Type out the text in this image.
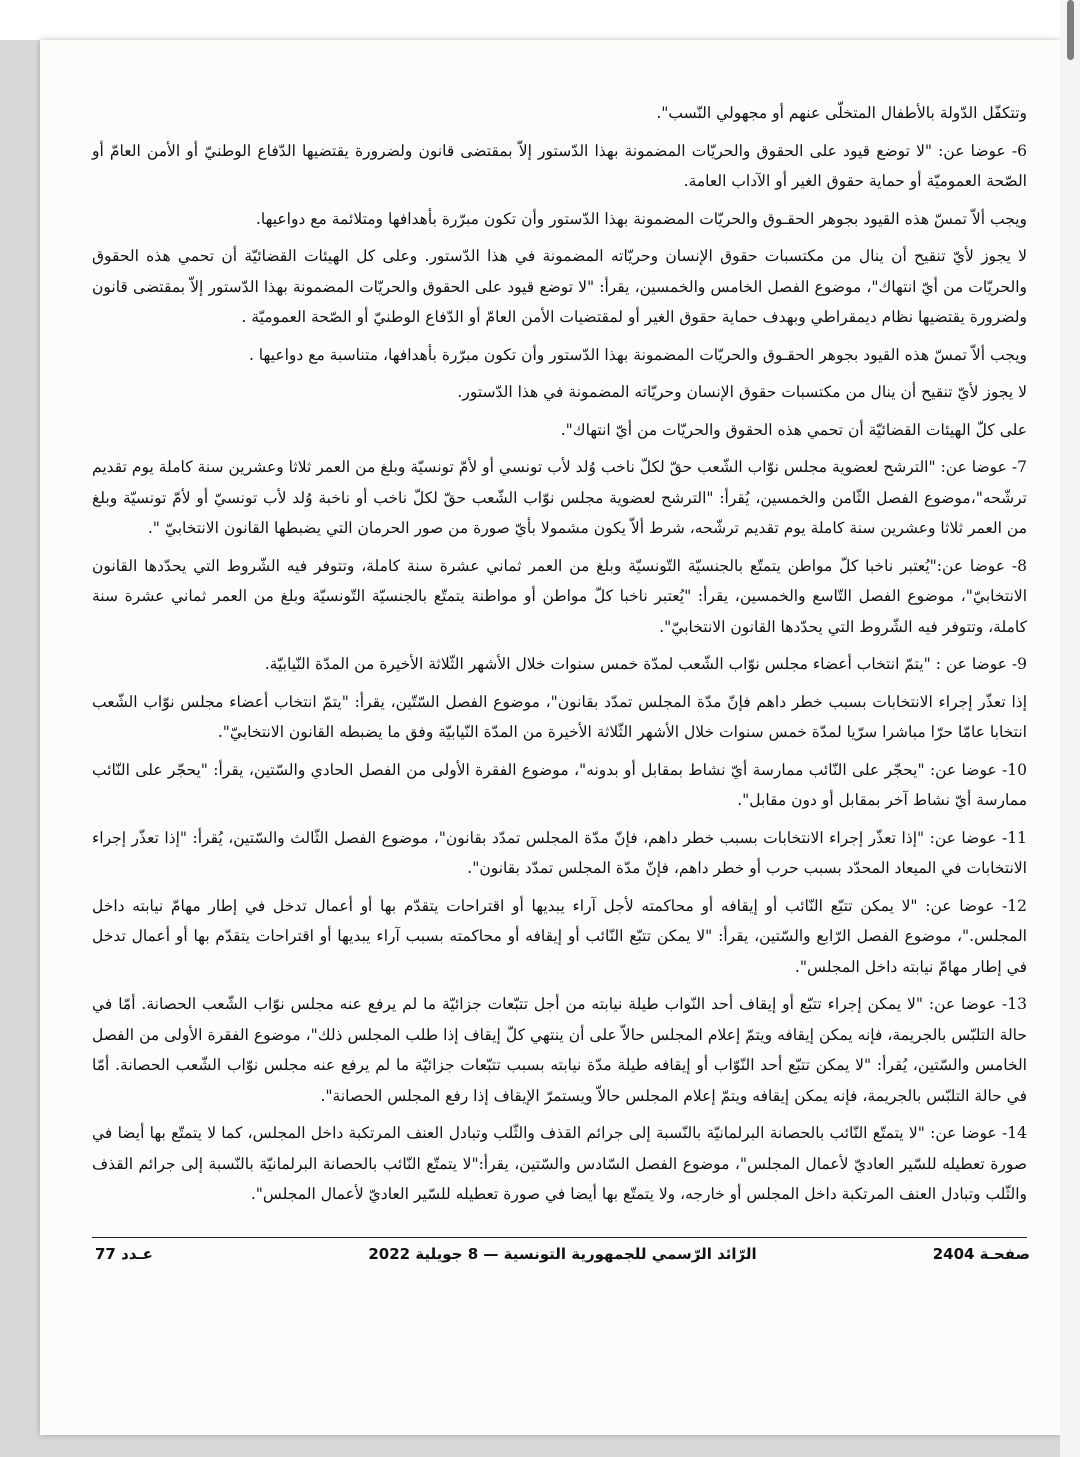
وتتكفّل الدّولة بالأطفال المتخلّى عنهم أو مجهولي النّسب".

6- عوضا عن: "لا توضع قيود على الحقوق والحريّات المضمونة بهذا الدّستور إلاّ بمقتضى قانون ولضرورة يقتضيها الدّفاع الوطنيّ أو الأمن العامّ أو الصّحة العموميّة أو حماية حقوق الغير أو الآداب العامة.

ويجب ألاّ تمسّ هذه القيود بجوهر الحقـوق والحريّات المضمونة بهذا الدّستور وأن تكون مبرّرة بأهدافها ومتلائمة مع دواعيها.

لا يجوز لأيّ تنقيح أن ينال من مكتسبات حقوق الإنسان وحريّاته المضمونة في هذا الدّستور. وعلى كل الهيئات القضائيّة أن تحمي هذه الحقوق والحريّات من أيّ انتهاك"، موضوع الفصل الخامس والخمسين، يقرأ: "لا توضع قيود على الحقوق والحريّات المضمونة بهذا الدّستور إلاّ بمقتضى قانون ولضرورة يقتضيها نظام ديمقراطي وبهدف حماية حقوق الغير أو لمقتضيات الأمن العامّ أو الدّفاع الوطنيّ أو الصّحة العموميّة .

ويجب ألاّ تمسّ هذه القيود بجوهر الحقـوق والحريّات المضمونة بهذا الدّستور وأن تكون مبرّرة بأهدافها، متناسبة مع دواعيها .

لا يجوز لأيّ تنقيح أن ينال من مكتسبات حقوق الإنسان وحريّاته المضمونة في هذا الدّستور.

على كلّ الهيئات القضائيّة أن تحمي هذه الحقوق والحريّات من أيّ انتهاك".

7- عوضا عن: "الترشح لعضوية مجلس نوّاب الشّعب حقّ لكلّ ناخب وُلد لأب تونسي أو لأمّ تونسيّة وبلغ من العمر ثلاثا وعشرين سنة كاملة يوم تقديم ترشّحه"،موضوع الفصل الثّامن والخمسين، يُقرأ: "الترشح لعضوية مجلس نوّاب الشّعب حقّ لكلّ ناخب أو ناخبة وُلد لأب تونسيّ أو لأمّ تونسيّة وبلغ من العمر ثلاثا وعشرين سنة كاملة يوم تقديم ترشّحه، شرط ألاّ يكون مشمولا بأيّ صورة من صور الحرمان التي يضبطها القانون الانتخابيّ ".

8- عوضا عن:"يُعتبر ناخبا كلّ مواطن يتمتّع بالجنسيّة التّونسيّة وبلغ من العمر ثماني عشرة سنة كاملة، وتتوفر فيه الشّروط التي يحدّدها القانون الانتخابيّ"، موضوع الفصل التّاسع والخمسين، يقرأ: "يُعتبر ناخبا كلّ مواطن أو مواطنة يتمتّع بالجنسيّة التّونسيّة وبلغ من العمر ثماني عشرة سنة كاملة، وتتوفر فيه الشّروط التي يحدّدها القانون الانتخابيّ".

9- عوضا عن : "يتمّ انتخاب أعضاء مجلس نوّاب الشّعب لمدّة خمس سنوات خلال الأشهر الثّلاثة الأخيرة من المدّة النّيابيّة.

إذا تعذّر إجراء الانتخابات بسبب خطر داهم فإنّ مدّة المجلس تمدّد بقانون"، موضوع الفصل السّتّين، يقرأ: "يتمّ انتخاب أعضاء مجلس نوّاب الشّعب انتخابا عامّا حرّا مباشرا سرّيا لمدّة خمس سنوات خلال الأشهر الثّلاثة الأخيرة من المدّة النّيابيّة وفق ما يضبطه القانون الانتخابيّ".

10- عوضا عن: "يحجّر على النّائب ممارسة أيّ نشاط بمقابل أو بدونه"، موضوع الفقرة الأولى من الفصل الحادي والسّتين، يقرأ: "يحجّر على النّائب ممارسة أيّ نشاط آخر بمقابل أو دون مقابل".

11- عوضا عن: "إذا تعذّر إجراء الانتخابات بسبب خطر داهم، فإنّ مدّة المجلس تمدّد بقانون"، موضوع الفصل الثّالث والسّتين، يُقرأ: "إذا تعذّر إجراء الانتخابات في الميعاد المحدّد بسبب حرب أو خطر داهم، فإنّ مدّة المجلس تمدّد بقانون".

12- عوضا عن: "لا يمكن تتبّع النّائب أو إيقافه أو محاكمته لأجل آراء يبديها أو اقتراحات يتقدّم بها أو أعمال تدخل في إطار مهامّ نيابته داخل المجلس."، موضوع الفصل الرّابع والسّتين، يقرأ: "لا يمكن تتبّع النّائب أو إيقافه أو محاكمته بسبب آراء يبديها أو اقتراحات يتقدّم بها أو أعمال تدخل في إطار مهامّ نيابته داخل المجلس".

13- عوضا عن: "لا يمكن إجراء تتبّع أو إيقاف أحد النّواب طيلة نيابته من أجل تتبّعات جزائيّة ما لم يرفع عنه مجلس نوّاب الشّعب الحصانة. أمّا في حالة التلبّس بالجريمة، فإنه يمكن إيقافه ويتمّ إعلام المجلس حالاّ على أن ينتهي كلّ إيقاف إذا طلب المجلس ذلك"، موضوع الفقرة الأولى من الفصل الخامس والسّتين، يُقرأ: "لا يمكن تتبّع أحد النّوّاب أو إيقافه طيلة مدّة نيابته بسبب تتبّعات جزائيّة ما لم يرفع عنه مجلس نوّاب الشّعب الحصانة. أمّا في حالة التلبّس بالجريمة، فإنه يمكن إيقافه ويتمّ إعلام المجلس حالاّ ويستمرّ الإيقاف إذا رفع المجلس الحصانة".

14- عوضا عن: "لا يتمتّع النّائب بالحصانة البرلمانيّة بالنّسبة إلى جرائم القذف والثّلب وتبادل العنف المرتكبة داخل المجلس، كما لا يتمتّع بها أيضا في صورة تعطيله للسّير العاديّ لأعمال المجلس"، موضوع الفصل السّادس والسّتين، يقرأ:"لا يتمتّع النّائب بالحصانة البرلمانيّة بالنّسبة إلى جرائم القذف والثّلب وتبادل العنف المرتكبة داخل المجلس أو خارجه، ولا يتمتّع بها أيضا في صورة تعطيله للسّير العاديّ لأعمال المجلس".

صفحـة 2404
الرّائد الرّسمي للجمهورية التونسية — 8 جويلية 2022
عـدد 77
